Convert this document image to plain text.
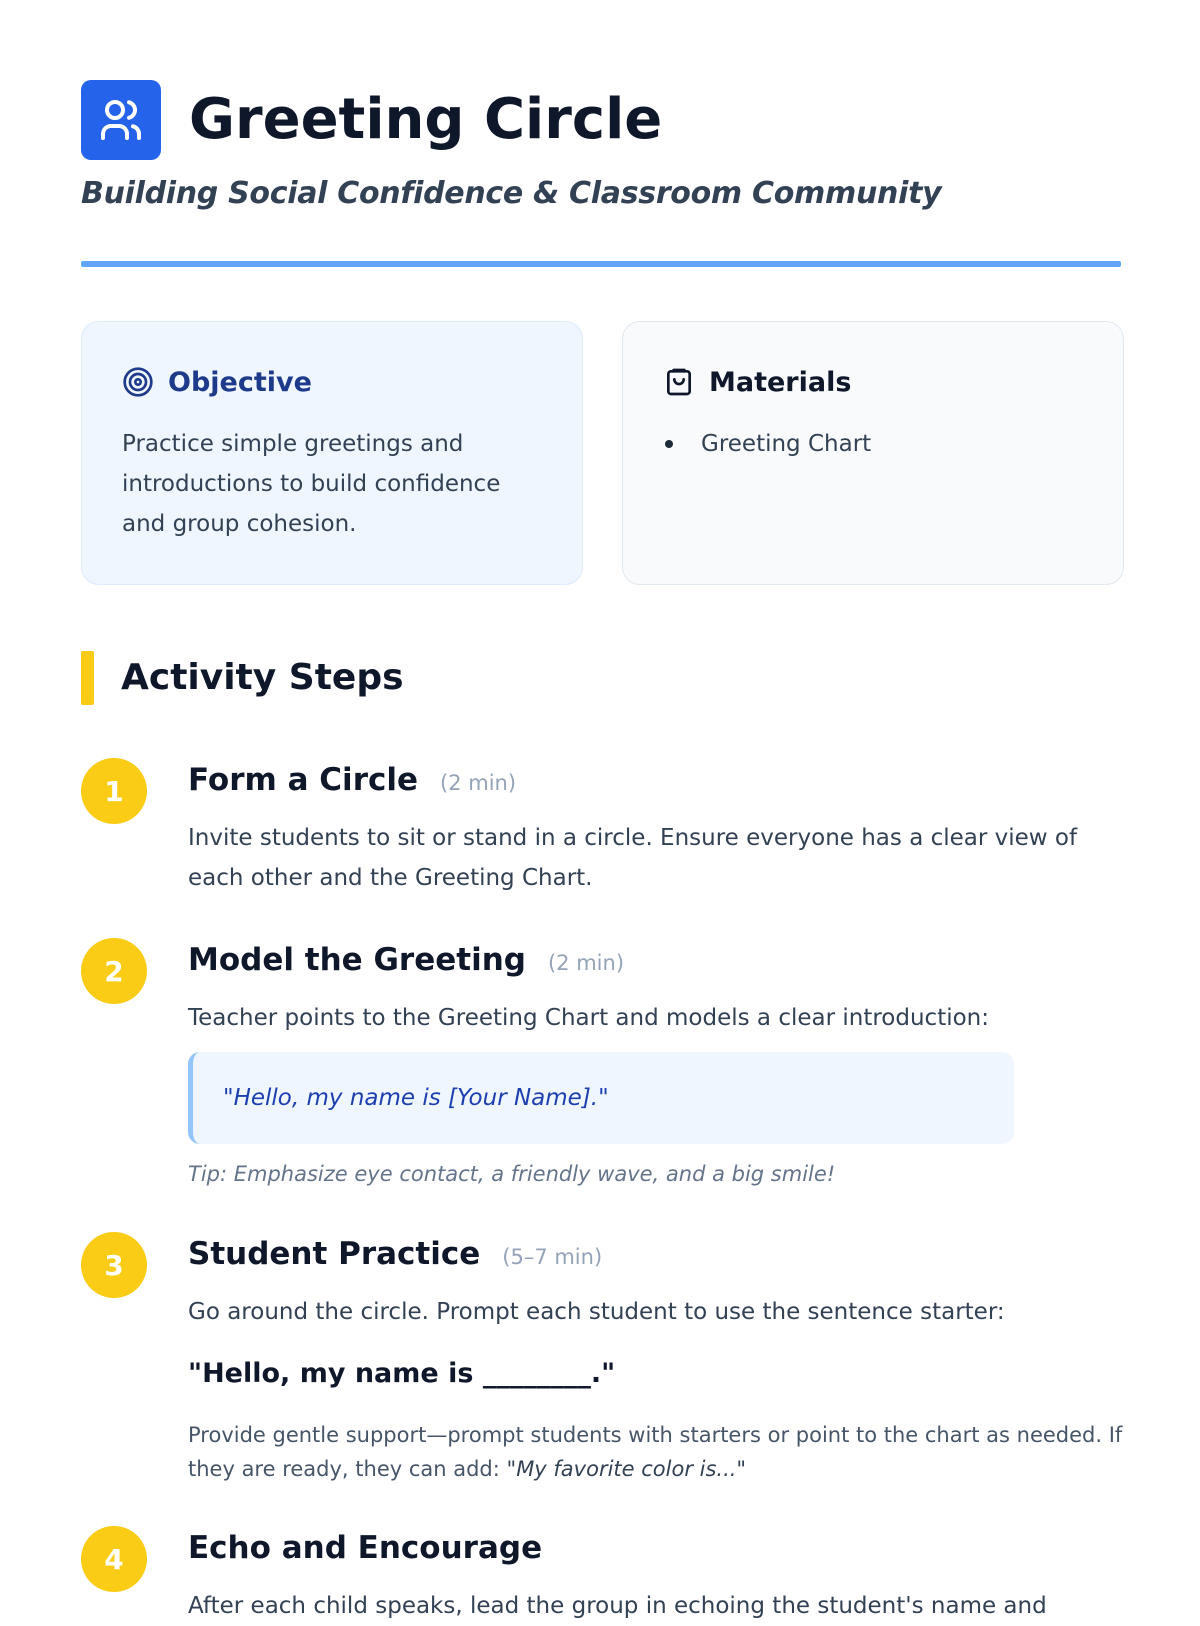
Greeting Circle
Building Social Confidence & Classroom Community
Objective

Practice simple greetings and introductions to build confidence and group cohesion.

Materials
Greeting Chart
Activity Steps
1	Form a Circle (2 min)

Invite students to sit or stand in a circle. Ensure everyone has a clear view of each other and the Greeting Chart.

2	Model the Greeting (2 min)

Teacher points to the Greeting Chart and models a clear introduction:

"Hello, my name is [Your Name]."
Tip: Emphasize eye contact, a friendly wave, and a big smile!
3	Student Practice (5–7 min)

Go around the circle. Prompt each student to use the sentence starter:

"Hello, my name is ________."

Provide gentle support—prompt students with starters or point to the chart as needed. If they are ready, they can add: "My favorite color is..."

4	Echo and Encourage

After each child speaks, lead the group in echoing the student's name and
